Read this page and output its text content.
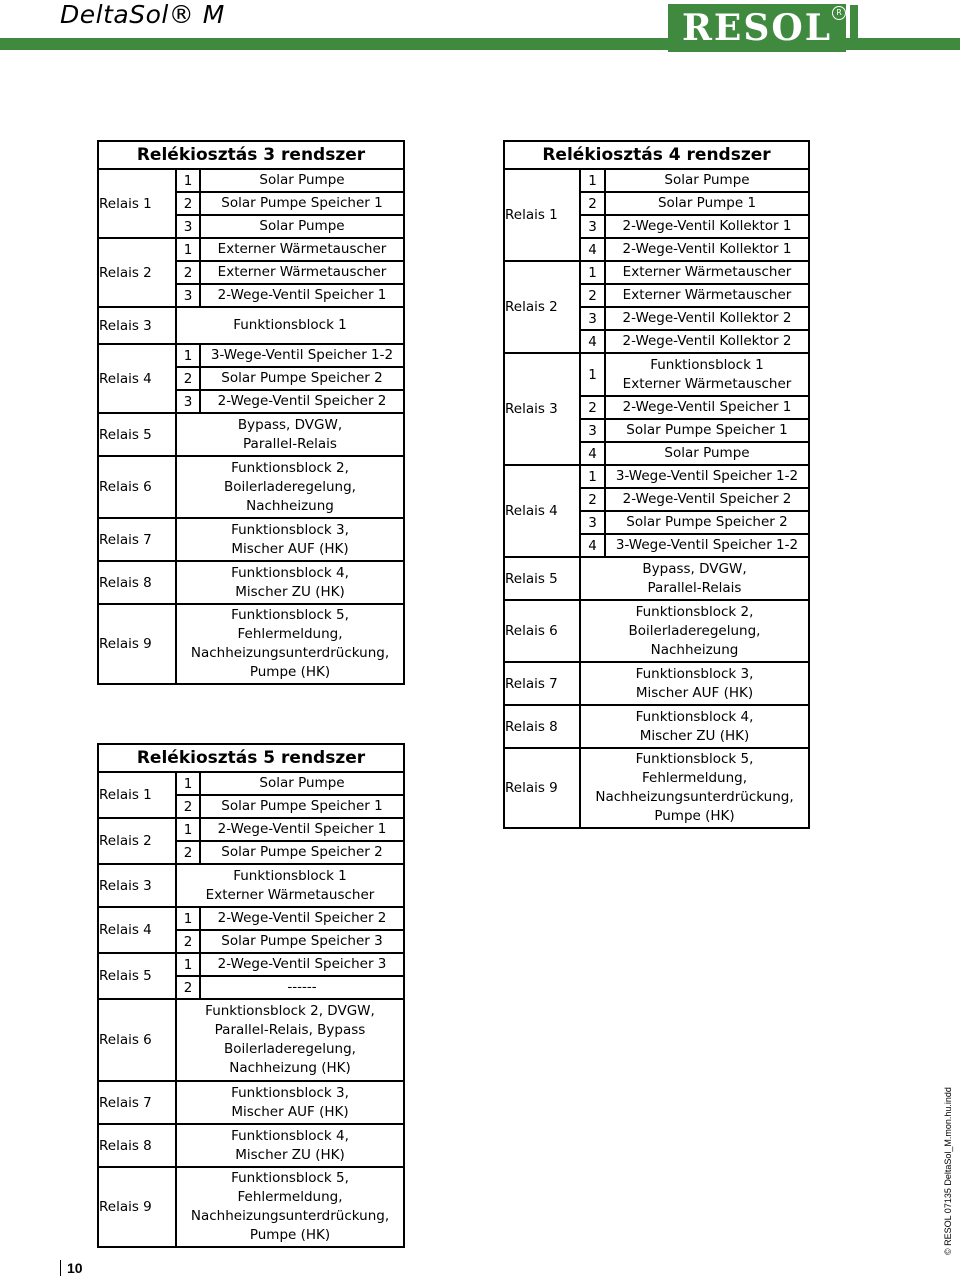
DeltaSol® M	RESOL R
Relékiosztás 3 rendszer		
Relais 1	1	Solar Pumpe
	2	Solar Pumpe Speicher 1
	3	Solar Pumpe
Relais 2	1	Externer Wärmetauscher
	2	Externer Wärmetauscher
	3	2-Wege-Ventil Speicher 1
Relais 3	Funktionsblock 1	
Relais 4	1	3-Wege-Ventil Speicher 1-2
	2	Solar Pumpe Speicher 2
	3	2-Wege-Ventil Speicher 2
Relais 5	Bypass, DVGW,
Parallel-Relais	
Relais 6	Funktionsblock 2,
Boilerladeregelung,
Nachheizung	
Relais 7	Funktionsblock 3,
Mischer AUF (HK)	
Relais 8	Funktionsblock 4,
Mischer ZU (HK)	
Relais 9	Funktionsblock 5,
Fehlermeldung,
Nachheizungsunterdrückung,
Pumpe (HK)	
Relékiosztás 4 rendszer		
Relais 1	1	Solar Pumpe
	2	Solar Pumpe 1
	3	2-Wege-Ventil Kollektor 1
	4	2-Wege-Ventil Kollektor 1
Relais 2	1	Externer Wärmetauscher
	2	Externer Wärmetauscher
	3	2-Wege-Ventil Kollektor 2
	4	2-Wege-Ventil Kollektor 2
Relais 3	1	Funktionsblock 1
Externer Wärmetauscher
	2	2-Wege-Ventil Speicher 1
	3	Solar Pumpe Speicher 1
	4	Solar Pumpe
Relais 4	1	3-Wege-Ventil Speicher 1-2
	2	2-Wege-Ventil Speicher 2
	3	Solar Pumpe Speicher 2
	4	3-Wege-Ventil Speicher 1-2
Relais 5	Bypass, DVGW,
Parallel-Relais	
Relais 6	Funktionsblock 2,
Boilerladeregelung,
Nachheizung	
Relais 7	Funktionsblock 3,
Mischer AUF (HK)	
Relais 8	Funktionsblock 4,
Mischer ZU (HK)	
Relais 9	Funktionsblock 5,
Fehlermeldung,
Nachheizungsunterdrückung,
Pumpe (HK)	
Relékiosztás 5 rendszer		
Relais 1	1	Solar Pumpe
	2	Solar Pumpe Speicher 1
Relais 2	1	2-Wege-Ventil Speicher 1
	2	Solar Pumpe Speicher 2
Relais 3	Funktionsblock 1
Externer Wärmetauscher	
Relais 4	1	2-Wege-Ventil Speicher 2
	2	Solar Pumpe Speicher 3
Relais 5	1	2-Wege-Ventil Speicher 3
	2	------
Relais 6	Funktionsblock 2, DVGW,
Parallel-Relais, Bypass
Boilerladeregelung,
Nachheizung (HK)	
Relais 7	Funktionsblock 3,
Mischer AUF (HK)	
Relais 8	Funktionsblock 4,
Mischer ZU (HK)	
Relais 9	Funktionsblock 5,
Fehlermeldung,
Nachheizungsunterdrückung,
Pumpe (HK)	
10
© RESOL 07135 DeltaSol_M.mon.hu.indd
